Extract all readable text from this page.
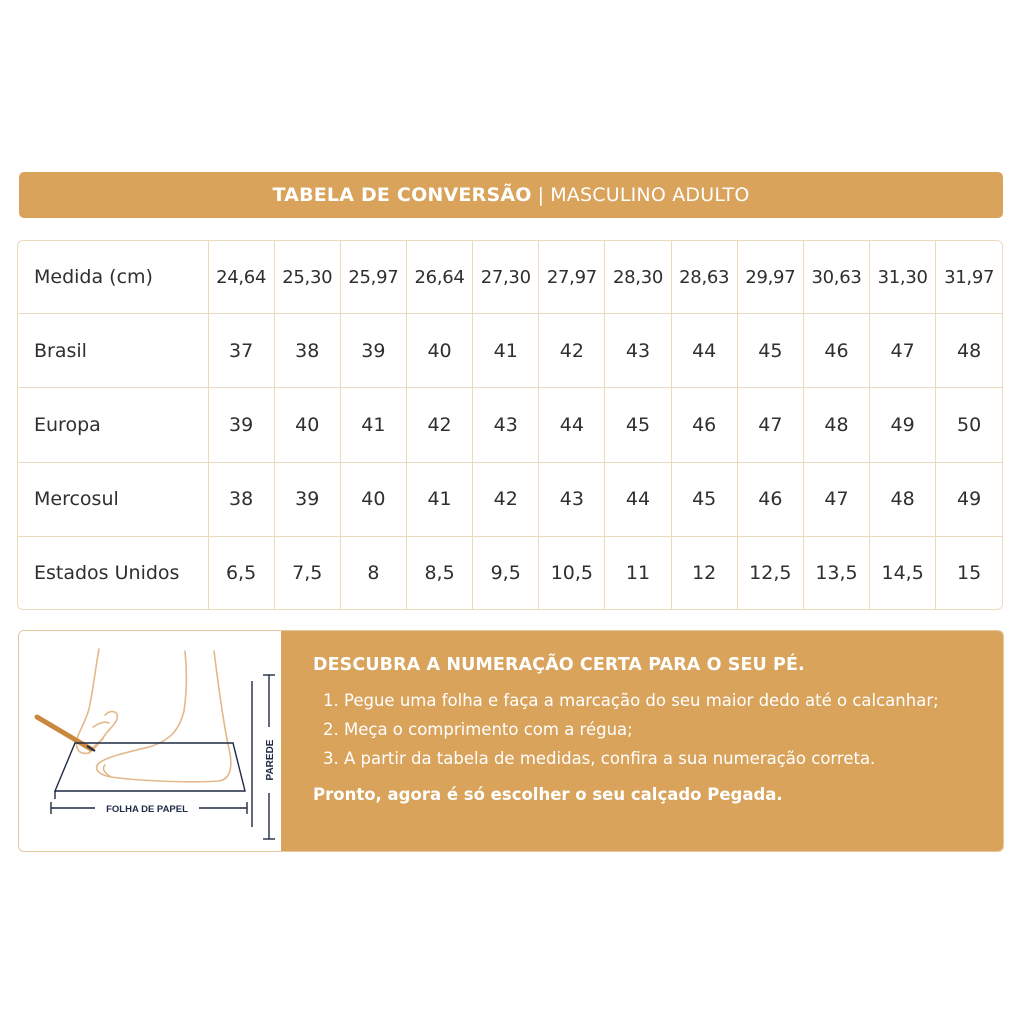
TABELA DE CONVERSÃO | MASCULINO ADULTO
Medida (cm)	24,64	25,30	25,97	26,64	27,30	27,97	28,30	28,63	29,97	30,63	31,30	31,97
Brasil	37	38	39	40	41	42	43	44	45	46	47	48
Europa	39	40	41	42	43	44	45	46	47	48	49	50
Mercosul	38	39	40	41	42	43	44	45	46	47	48	49
Estados Unidos	6,5	7,5	8	8,5	9,5	10,5	11	12	12,5	13,5	14,5	15
PAREDE
FOLHA DE PAPEL
DESCUBRA A NUMERAÇÃO CERTA PARA O SEU PÉ.
1. Pegue uma folha e faça a marcação do seu maior dedo até o calcanhar;
2. Meça o comprimento com a régua;
3. A partir da tabela de medidas, confira a sua numeração correta.
Pronto, agora é só escolher o seu calçado Pegada.
